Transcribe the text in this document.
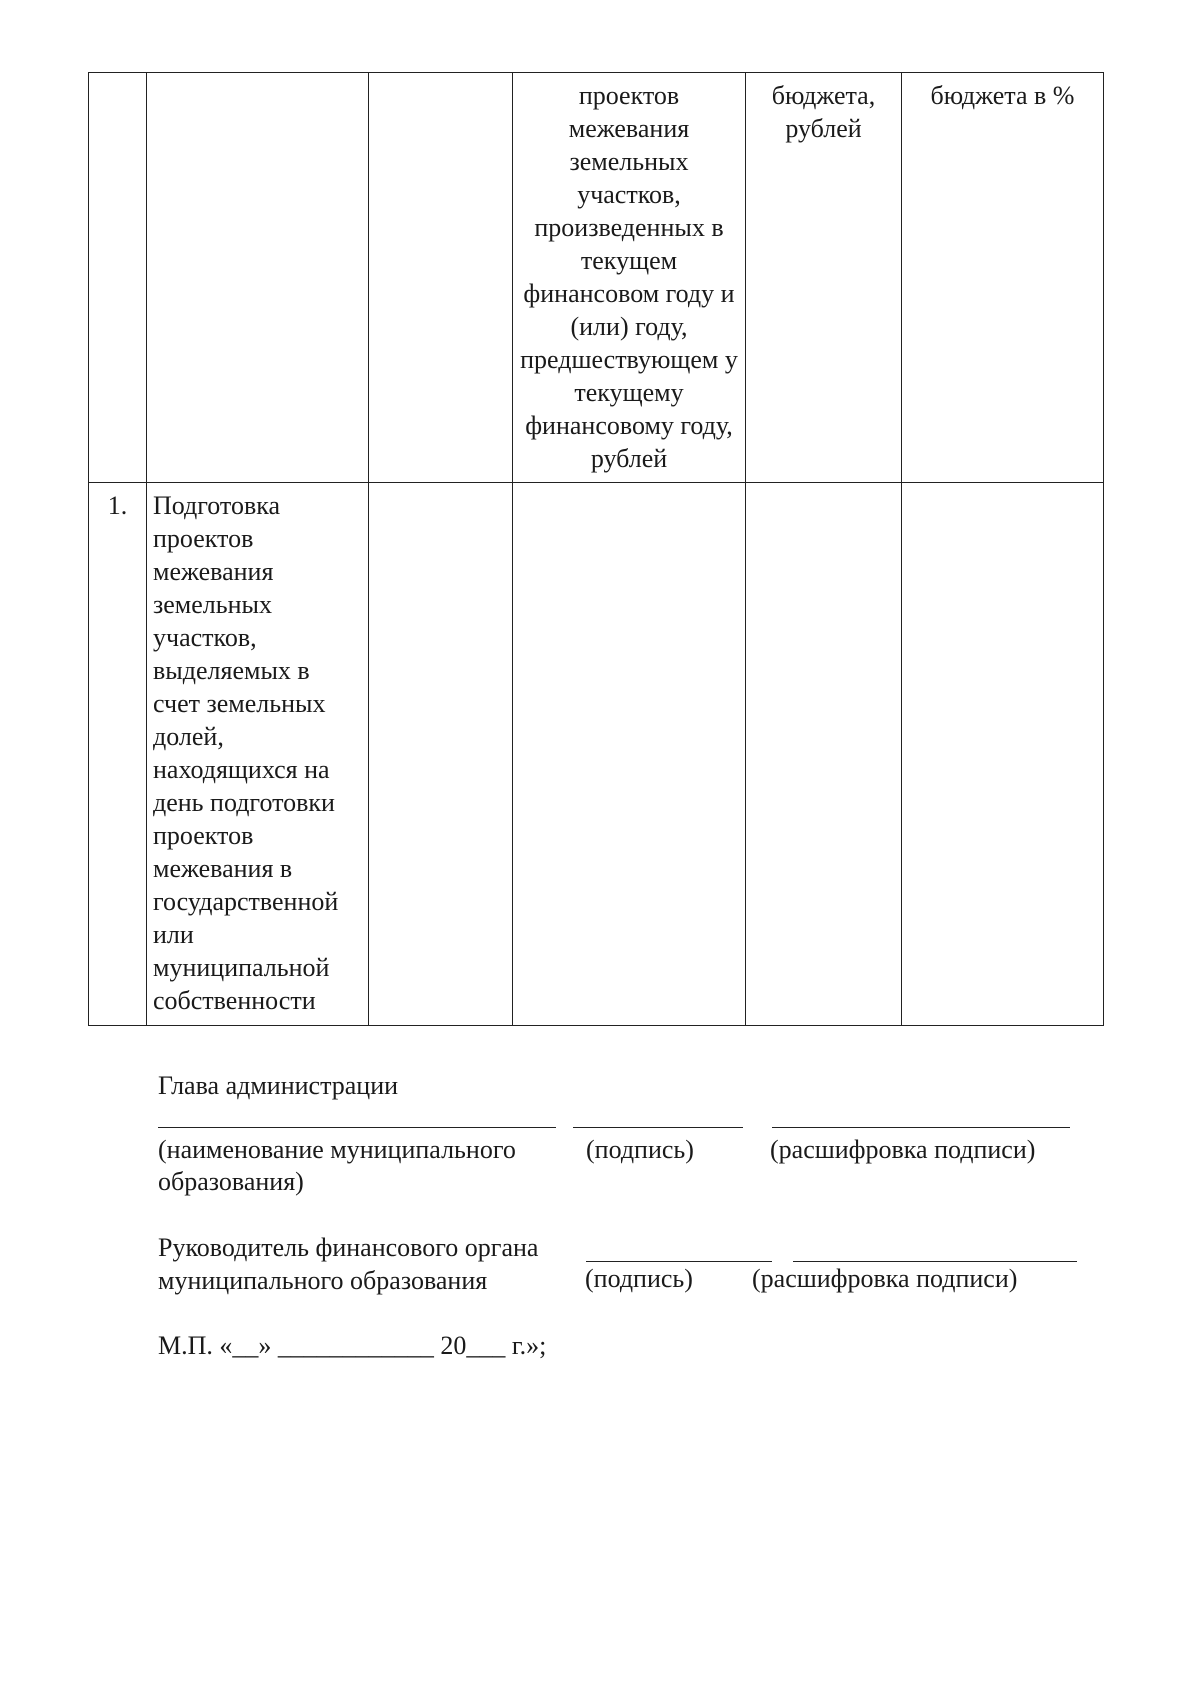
			проектов межевания земельных участков, произведенных в текущем финансовом году и (или) году, предшествующем у текущему финансовому году, рублей	бюджета, рублей	бюджета в %
1.	Подготовка проектов межевания земельных участков, выделяемых в счет земельных долей, находящихся на день подготовки проектов межевания в государственной или муниципальной собственности				
Глава администрации
(наименование муниципального образования)
(подпись)	(расшифровка подписи)
Руководитель финансового органа
муниципального образования	(подпись) (расшифровка подписи)
М.П. «__» ____________ 20___ г.»;
